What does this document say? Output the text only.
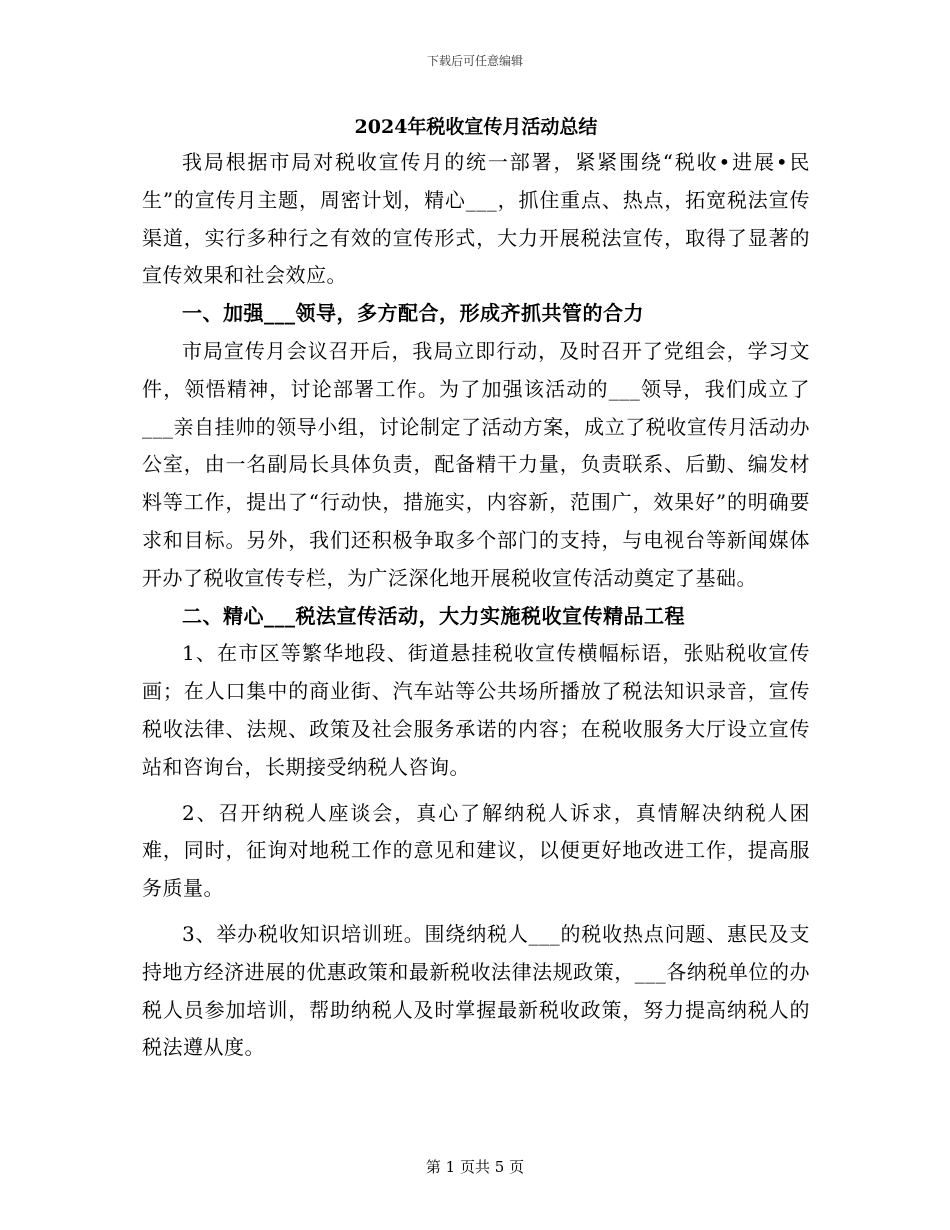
下载后可任意编辑
2024年税收宣传月活动总结

我局根据市局对税收宣传月的统一部署，紧紧围绕“税收•进展•民生”的宣传月主题，周密计划，精心___，抓住重点、热点，拓宽税法宣传渠道，实行多种行之有效的宣传形式，大力开展税法宣传，取得了显著的宣传效果和社会效应。

一、加强___领导，多方配合，形成齐抓共管的合力

市局宣传月会议召开后，我局立即行动，及时召开了党组会，学习文件，领悟精神，讨论部署工作。为了加强该活动的___领导，我们成立了___亲自挂帅的领导小组，讨论制定了活动方案，成立了税收宣传月活动办公室，由一名副局长具体负责，配备精干力量，负责联系、后勤、编发材料等工作，提出了“行动快，措施实，内容新，范围广，效果好”的明确要求和目标。另外，我们还积极争取多个部门的支持，与电视台等新闻媒体开办了税收宣传专栏，为广泛深化地开展税收宣传活动奠定了基础。

二、精心___税法宣传活动，大力实施税收宣传精品工程

1、在市区等繁华地段、街道悬挂税收宣传横幅标语，张贴税收宣传画；在人口集中的商业街、汽车站等公共场所播放了税法知识录音，宣传税收法律、法规、政策及社会服务承诺的内容；在税收服务大厅设立宣传站和咨询台，长期接受纳税人咨询。

2、召开纳税人座谈会，真心了解纳税人诉求，真情解决纳税人困难，同时，征询对地税工作的意见和建议，以便更好地改进工作，提高服务质量。

3、举办税收知识培训班。围绕纳税人___的税收热点问题、惠民及支持地方经济进展的优惠政策和最新税收法律法规政策，___各纳税单位的办税人员参加培训，帮助纳税人及时掌握最新税收政策，努力提高纳税人的税法遵从度。

第 1 页共 5 页
